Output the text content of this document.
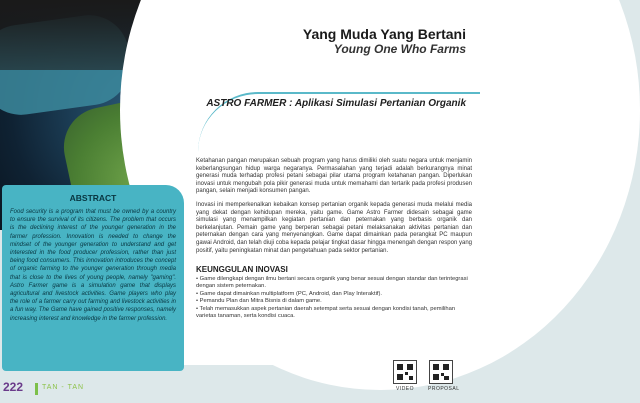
Yang Muda Yang Bertani
Young One Who Farms
ASTRO FARMER : Aplikasi Simulasi Pertanian Organik

Ketahanan pangan merupakan sebuah program yang harus dimiliki oleh suatu negara untuk menjamin keberlangsungan hidup warga negaranya. Permasalahan yang terjadi adalah berkurangnya minat generasi muda terhadap profesi petani sebagai pilar utama program ketahanan pangan. Diperlukan inovasi untuk mengubah pola pikir generasi muda untuk memahami dan tertarik pada profesi produsen pangan, selain menjadi konsumen pangan.

Inovasi ini memperkenalkan kebaikan konsep pertanian organik kepada generasi muda melalui media yang dekat dengan kehidupan mereka, yaitu game. Game Astro Farmer didesain sebagai game simulasi yang menampilkan kegiatan pertanian dan peternakan yang berbasis organik dan berkelanjutan. Pemain game yang berperan sebagai petani melaksanakan aktivitas pertanian dan peternakan dengan cara yang menyenangkan. Game dapat dimainkan pada perangkat PC maupun gawai Android, dan telah diuji coba kepada pelajar tingkat dasar hingga menengah dengan respon yang positif, yaitu peningkatan minat dan pengetahuan pada sektor pertanian.

KEUNGGULAN INOVASI
• Game dilengkapi dengan ilmu bertani secara organik yang benar sesuai dengan standar dan terintegrasi dengan sistem peternakan.
• Game dapat dimainkan multiplatform (PC, Android, dan Play Interaktif).
• Pemandu Plan dan Mitra Bisnis di dalam game.
• Telah memasukkan aspek pertanian daerah setempat serta sesuai dengan kondisi tanah, pemilihan varietas tanaman, serta kondisi cuaca.
ABSTRACT
Food security is a program that must be owned by a country to ensure the survival of its citizens. The problem that occurs is the declining interest of the younger generation in the farmer profession. Innovation is needed to change the mindset of the younger generation to understand and get interested in the food producer profession, rather than just being food consumers. This innovation introduces the concept of organic farming to the younger generation through media that is close to the lives of young people, namely "gaming". Astro Farmer game is a simulation game that displays agricultural and livestock activities. Game players who play the role of a farmer carry out farming and livestock activities in a fun way. The Game have gained positive responses, namely increasing interest and knowledge in the farmer profession.
222	TAN - TAN	VIDEO	PROPOSAL
